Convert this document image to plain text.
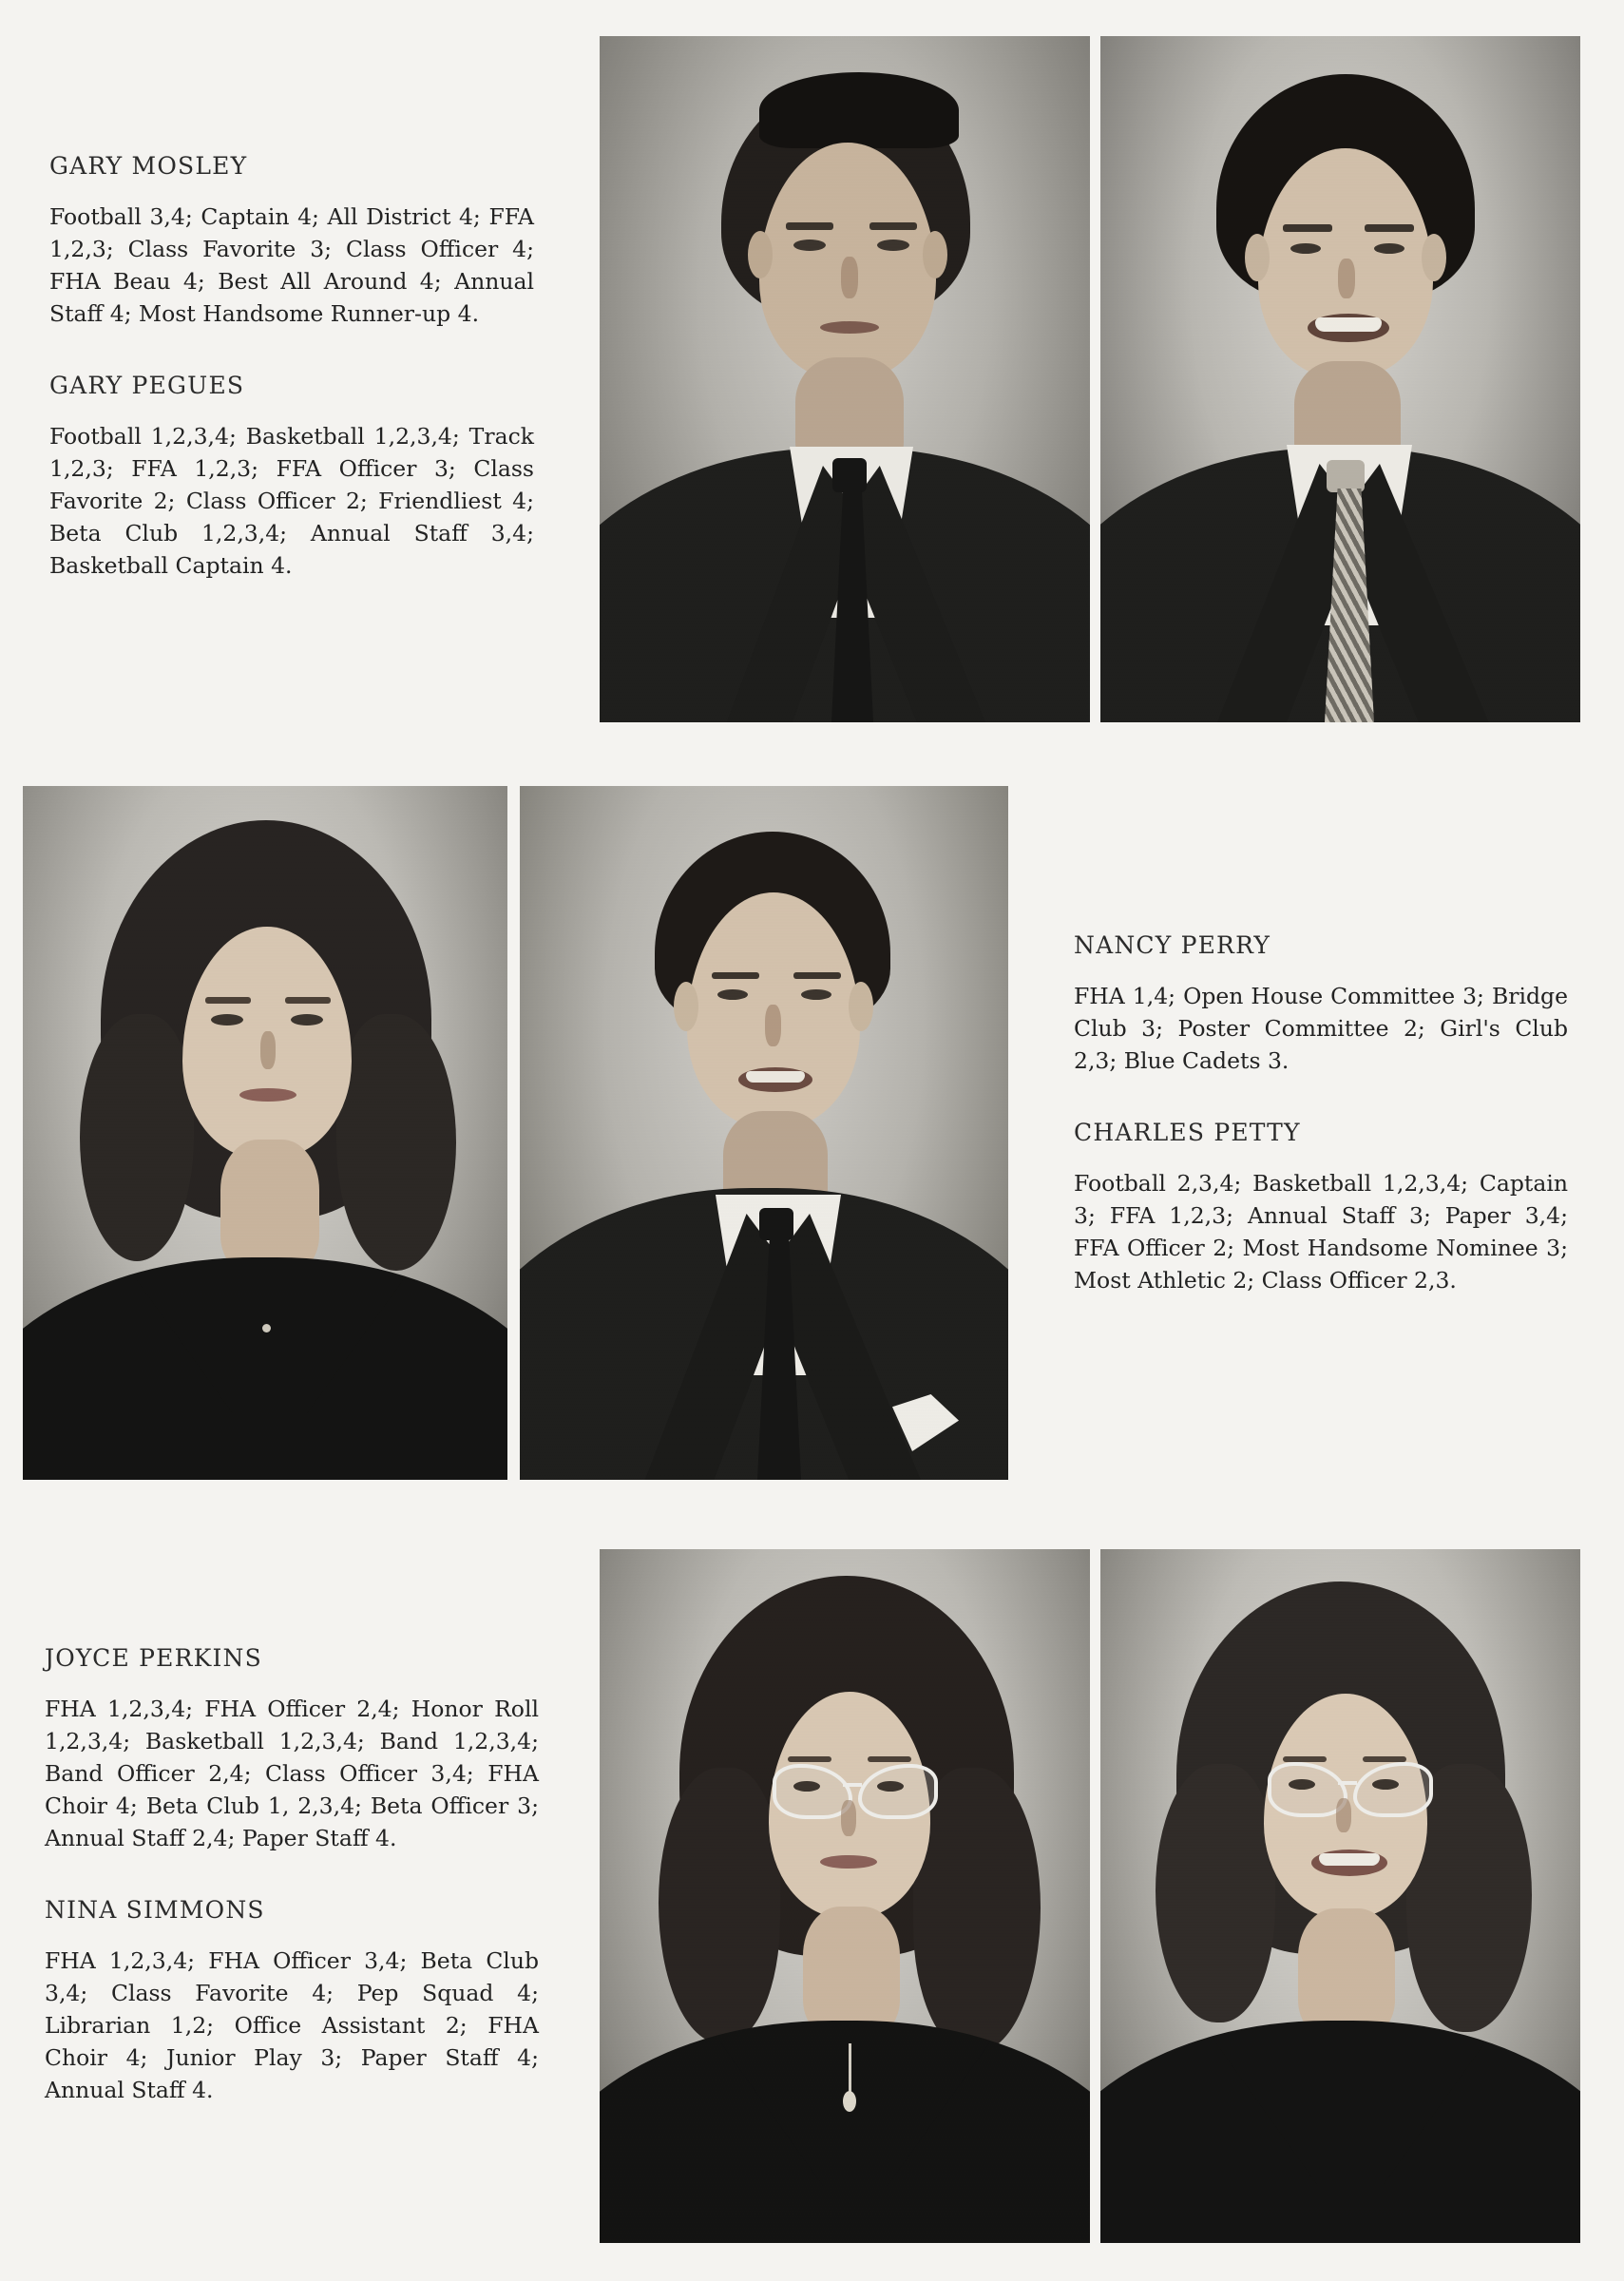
GARY MOSLEY

Football 3,4; Captain 4; All District 4; FFA 1,2,3; Class Favorite 3; Class Officer 4; FHA Beau 4; Best All Around 4; Annual Staff 4; Most Handsome Runner-up 4.

GARY PEGUES

Football 1,2,3,4; Basketball 1,2,3,4; Track 1,2,3; FFA 1,2,3; FFA Officer 3; Class Favorite 2; Class Officer 2; Friendliest 4; Beta Club 1,2,3,4; Annual Staff 3,4; Basketball Captain 4.

NANCY PERRY

FHA 1,4; Open House Committee 3; Bridge Club 3; Poster Committee 2; Girl's Club 2,3; Blue Cadets 3.

CHARLES PETTY

Football 2,3,4; Basketball 1,2,3,4; Captain 3; FFA 1,2,3; Annual Staff 3; Paper 3,4; FFA Officer 2; Most Handsome Nominee 3; Most Athletic 2; Class Officer 2,3.

JOYCE PERKINS

FHA 1,2,3,4; FHA Officer 2,4; Honor Roll 1,2,3,4; Basketball 1,2,3,4; Band 1,2,3,4; Band Officer 2,4; Class Officer 3,4; FHA Choir 4; Beta Club 1, 2,3,4; Beta Officer 3; Annual Staff 2,4; Paper Staff 4.

NINA SIMMONS

FHA 1,2,3,4; FHA Officer 3,4; Beta Club 3,4; Class Favorite 4; Pep Squad 4; Librarian 1,2; Office Assistant 2; FHA Choir 4; Junior Play 3; Paper Staff 4; Annual Staff 4.
